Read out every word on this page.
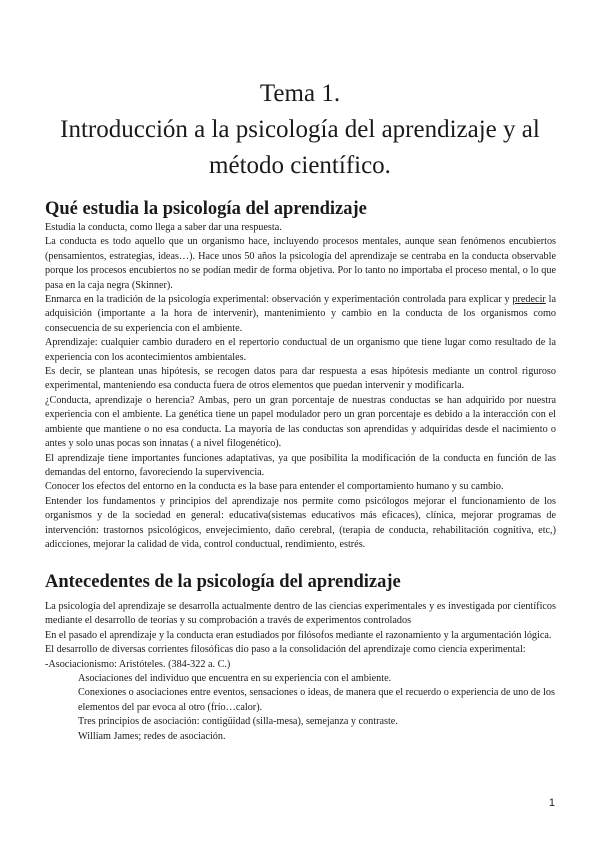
Tema 1.
Introducción a la psicología del aprendizaje y al
método científico.
Qué estudia la psicología del aprendizaje

Estudia la conducta, como llega a saber dar una respuesta.

La conducta es todo aquello que un organismo hace, incluyendo procesos mentales, aunque sean fenómenos encubiertos (pensamientos, estrategias, ideas…). Hace unos 50 años la psicología del aprendizaje se centraba en la conducta observable porque los procesos encubiertos no se podían medir de forma objetiva. Por lo tanto no importaba el proceso mental, o lo que pasa en la caja negra (Skinner).

Enmarca en la tradición de la psicología experimental: observación y experimentación controlada para explicar y predecir la adquisición (importante a la hora de intervenir), mantenimiento y cambio en la conducta de los organismos como consecuencia de su experiencia con el ambiente.

Aprendizaje: cualquier cambio duradero en el repertorio conductual de un organismo que tiene lugar como resultado de la experiencia con los acontecimientos ambientales.

Es decir, se plantean unas hipótesis, se recogen datos para dar respuesta a esas hipótesis mediante un control riguroso experimental, manteniendo esa conducta fuera de otros elementos que puedan intervenir y modificarla.

¿Conducta, aprendizaje o herencia? Ambas, pero un gran porcentaje de nuestras conductas se han adquirido por nuestra experiencia con el ambiente. La genética tiene un papel modulador pero un gran porcentaje es debido a la interacción con el ambiente que mantiene o no esa conducta. La mayoría de las conductas son aprendidas y adquiridas desde el nacimiento o antes y solo unas pocas son innatas ( a nivel filogenético).

El aprendizaje tiene importantes funciones adaptativas, ya que posibilita la modificación de la conducta en función de las demandas del entorno, favoreciendo la supervivencia.

Conocer los efectos del entorno en la conducta es la base para entender el comportamiento humano y su cambio.

Entender los fundamentos y principios del aprendizaje nos permite como psicólogos mejorar el funcionamiento de los organismos y de la sociedad en general: educativa(sistemas educativos más eficaces), clínica, mejorar programas de intervención: trastornos psicológicos, envejecimiento, daño cerebral, (terapia de conducta, rehabilitación cognitiva, etc,) adicciones, mejorar la calidad de vida, control conductual, rendimiento, estrés.

Antecedentes de la psicología del aprendizaje

La psicología del aprendizaje se desarrolla actualmente dentro de las ciencias experimentales y es investigada por científicos mediante el desarrollo de teorías y su comprobación a través de experimentos controlados

En el pasado el aprendizaje y la conducta eran estudiados por filósofos mediante el razonamiento y la argumentación lógica.

El desarrollo de diversas corrientes filosóficas dio paso a la consolidación del aprendizaje como ciencia experimental:

-Asociacionismo: Aristóteles. (384-322 a. C.)

Asociaciones del individuo que encuentra en su experiencia con el ambiente.

Conexiones o asociaciones entre eventos, sensaciones o ideas, de manera que el recuerdo o experiencia de uno de los elementos del par evoca al otro (frío…calor).

Tres principios de asociación: contigüidad (silla-mesa), semejanza y contraste.

William James; redes de asociación.

1
